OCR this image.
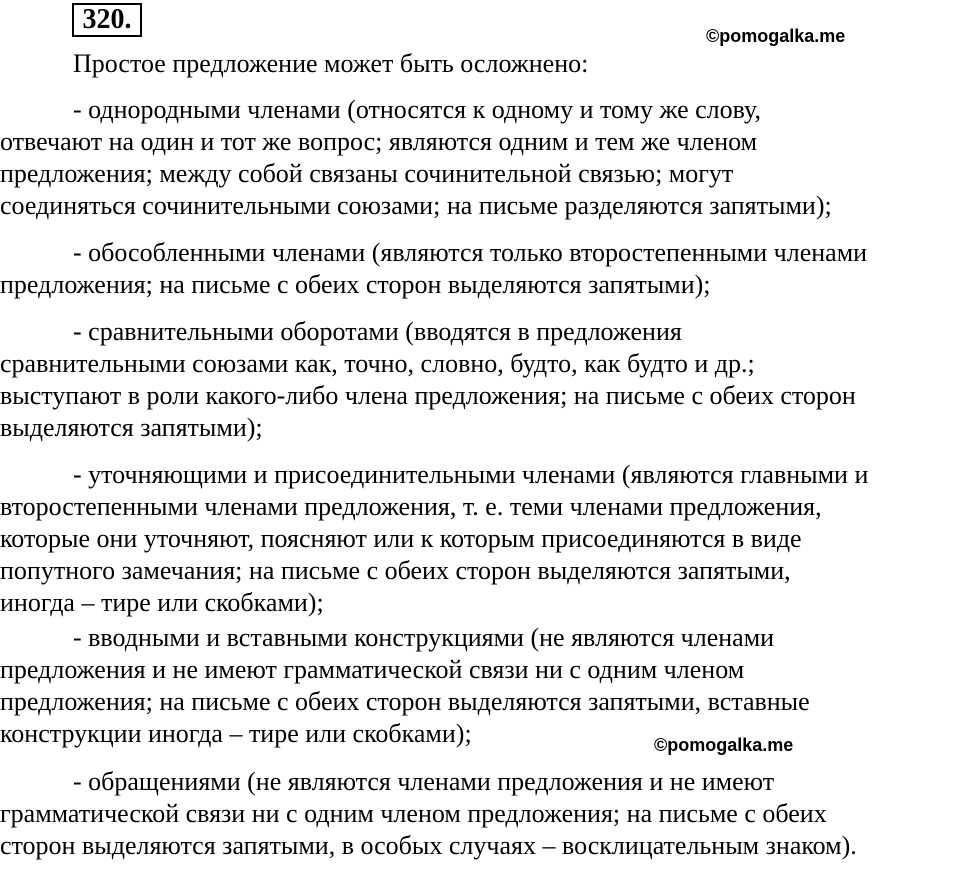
320.
©pomogalka.me
Простое предложение может быть осложнено:
- однородными членами (относятся к одному и тому же слову,
отвечают на один и тот же вопрос; являются одним и тем же членом
предложения; между собой связаны сочинительной связью; могут
соединяться сочинительными союзами; на письме разделяются запятыми);
- обособленными членами (являются только второстепенными членами
предложения; на письме с обеих сторон выделяются запятыми);
- сравнительными оборотами (вводятся в предложения
сравнительными союзами как, точно, словно, будто, как будто и др.;
выступают в роли какого-либо члена предложения; на письме с обеих сторон
выделяются запятыми);
- уточняющими и присоединительными членами (являются главными и
второстепенными членами предложения, т. е. теми членами предложения,
которые они уточняют, поясняют или к которым присоединяются в виде
попутного замечания; на письме с обеих сторон выделяются запятыми,
иногда – тире или скобками);
- вводными и вставными конструкциями (не являются членами
предложения и не имеют грамматической связи ни с одним членом
предложения; на письме с обеих сторон выделяются запятыми, вставные
конструкции иногда – тире или скобками);	©pomogalka.me
- обращениями (не являются членами предложения и не имеют
грамматической связи ни с одним членом предложения; на письме с обеих
сторон выделяются запятыми, в особых случаях – восклицательным знаком).
